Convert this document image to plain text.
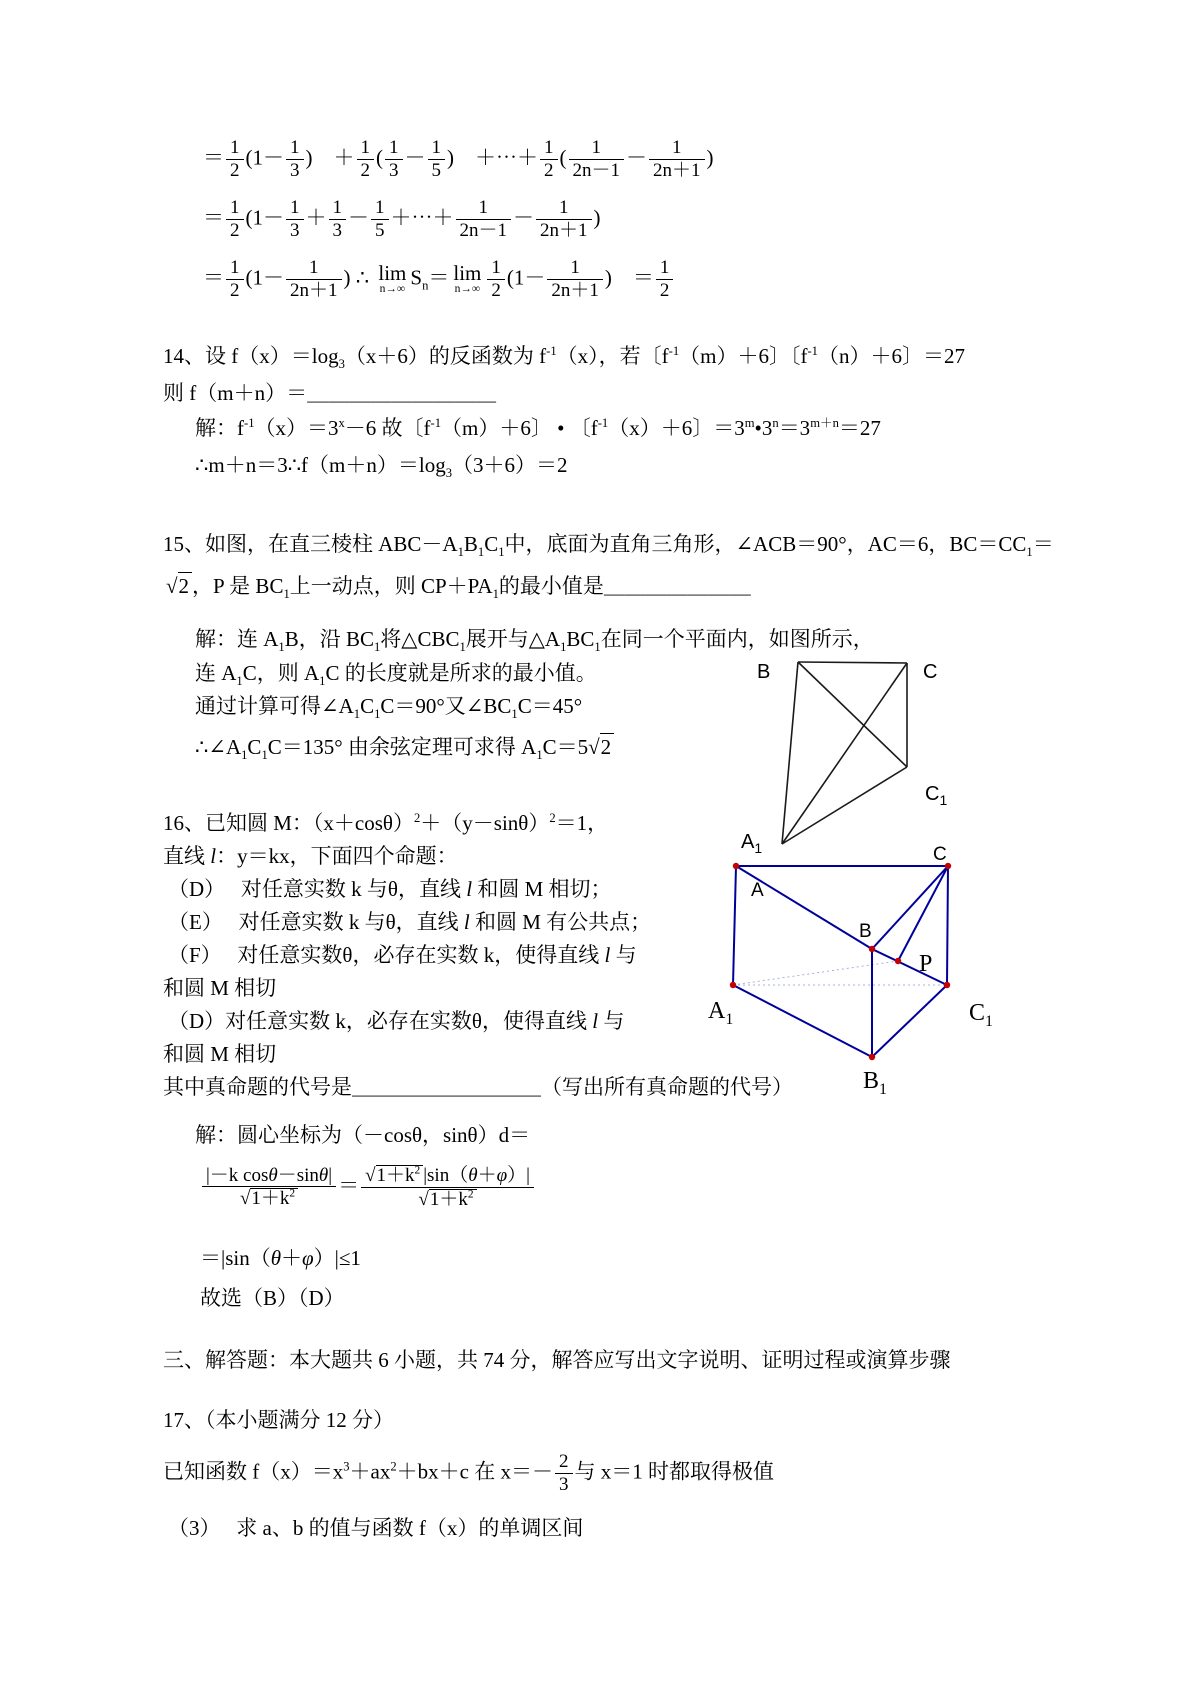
＝ $\frac{1}{2} (1- \frac{1}{3}$ )　＋ $\frac{1}{2}$ ( $\frac{1}{3} - \frac{1}{5}$ )　＋⋯＋ $\frac{1}{2}$ ( $\frac{1}{2n-1} - \frac{1}{2n+1}$ )
＝ $\frac{1}{2} (1- \frac{1}{3} + \frac{1}{3} - \frac{1}{5}$ ＋⋯＋ $\frac{1}{2n-1} - \frac{1}{2n+1}$ )
＝ $\frac{1}{2} (1- \frac{1}{2n+1}$ ) ∴ lim
n→∞ $S_n= \lim$
$n\to\infty \frac{1}{2} (1- \frac{1}{2n+1}$ )　＝ $\frac{1}{2}$
14、设 $f(x)=\log_3(x+6)$的反函数为 $f^{-1}(x)$，若〔$f^{-1}(m)+6$〕〔$f^{-1}(n)+6$〕＝27
则 f（m＋n）＝＿＿＿＿＿＿＿＿＿
解：$f^{-1}(x)=3^x-6$ 故〔$f^{-1}(m)+6$〕 • 〔$f^{-1}(x)+6$〕$=3^m•3^n=3^{m+n}=27$
$\therefore m+n=3\therefore f(m+n)=\log_3(3+6)=2$
15、如图，在直三棱柱 $ABC-A_1B_1C_1$中，底面为直角三角形，∠ACB＝90°，AC＝6，$BC=CC_1=$
√2 ，P 是 $BC_1$上一动点，则 $CP+PA_1$的最小值是＿＿＿＿＿＿＿
解：连 $A_1B$，沿 $BC_1$将$\triangle CBC_1$展开与$\triangle A_1BC_1$在同一个平面内，如图所示，
连 $A_1C$，则 $A_1C$ 的长度就是所求的最小值。
通过计算可得$\angle A_1C_1C=90^\circ$又$\angle BC_1C=45^\circ$
$\therefore\angle A_1C_1C=135^\circ$ 由余弦定理可求得 $A_1C=5√2$
B	C
$C_1$
$A_1$
16、已知圆 M：$(x+\cos\theta)^2+(y-\sin\theta)^2=1$，
直线 l：y＝kx，下面四个命题：
（D）　 对任意实数 k 与θ，直线 l 和圆 M 相切；
（E）　 对任意实数 k 与θ，直线 l 和圆 M 有公共点；
（F）　 对任意实数θ，必存在实数 k，使得直线 l 与
和圆 M 相切
（D）对任意实数 k，必存在实数θ，使得直线 l 与
和圆 M 相切
其中真命题的代号是＿＿＿＿＿＿＿＿＿（写出所有真命题的代号）
A
B
C
P
$A_1$	$C_1$
$B_1$
解：圆心坐标为（－cosθ，sinθ）d＝
$\frac{\text{|－k cosθ－sinθ|}}{√1+k^2} = \frac{√1+k^2 |\sin(\theta+\varphi)|}{√1+k^2}$
＝|sin（θ＋φ）|≤1
故选（B）（D）
三、解答题：本大题共 6 小题，共 74 分，解答应写出文字说明、证明过程或演算步骤
17、（本小题满分 12 分）
已知函数 $f(x)=x^3+ax^2+bx+c$ 在 $x=- \frac{2}{3}$ 与 x＝1 时都取得极值
（3）　 求 a、b 的值与函数 f（x）的单调区间
